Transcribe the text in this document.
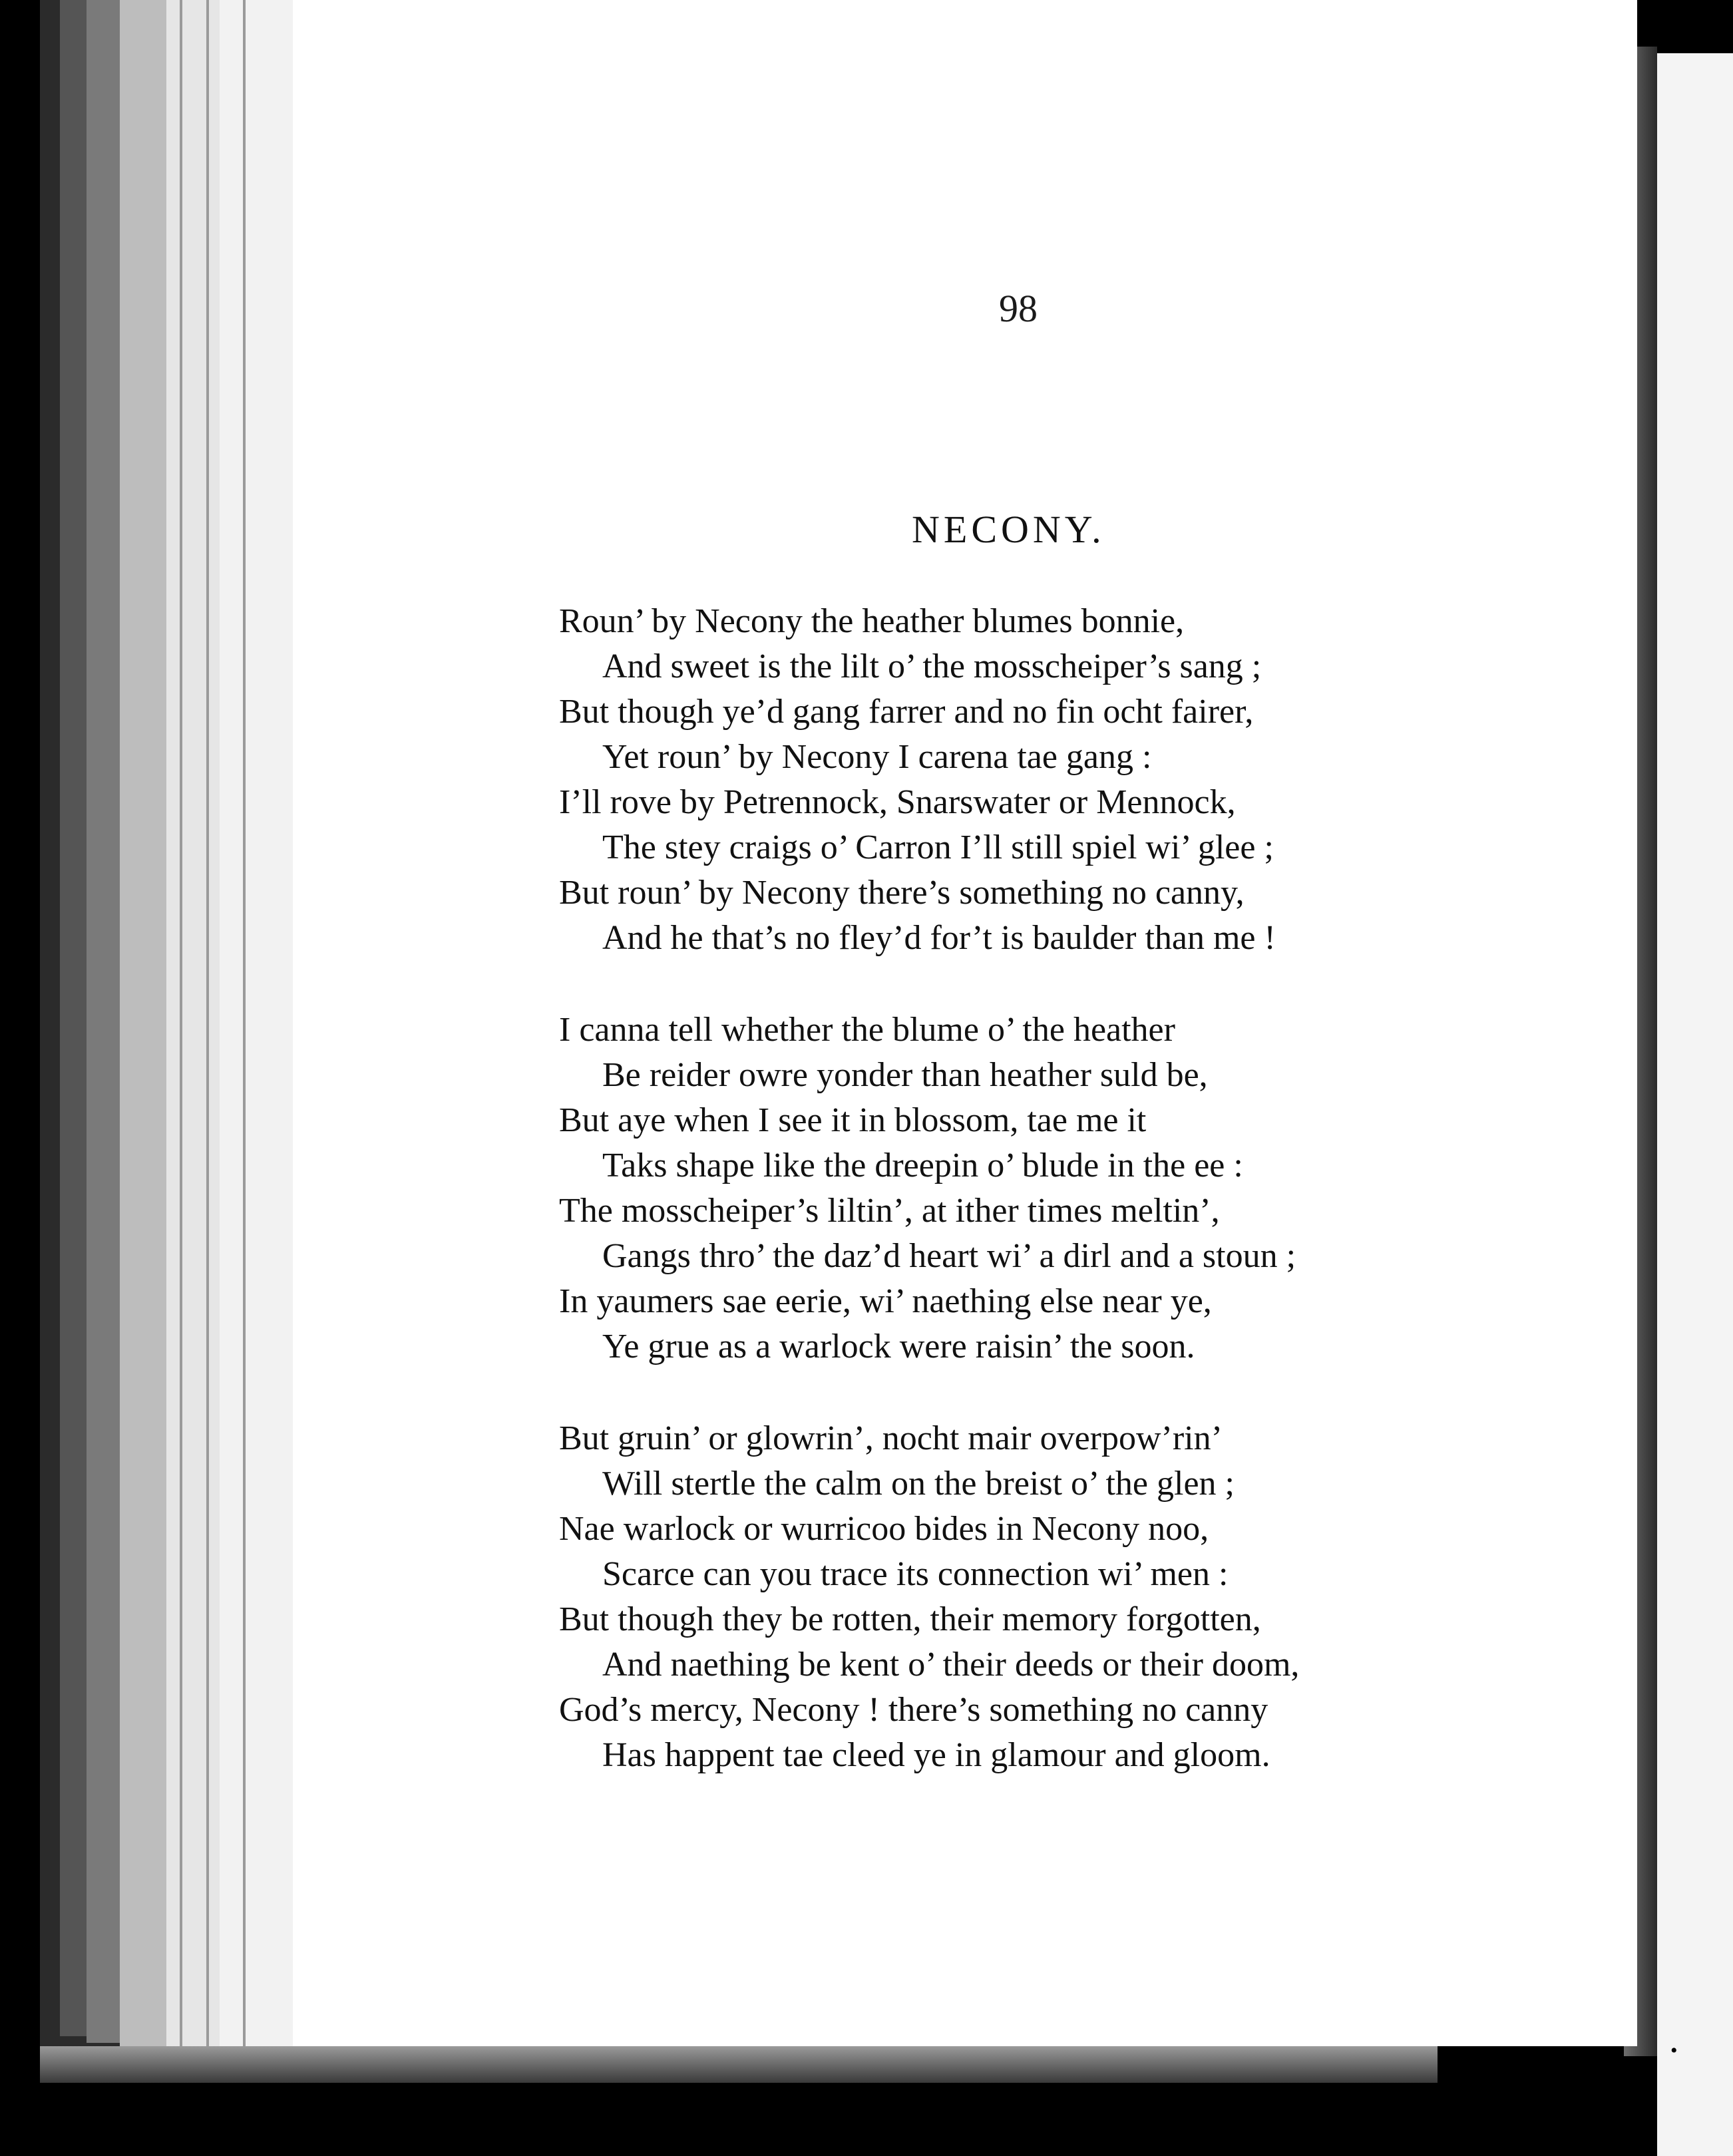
98
NECONY.
Roun’ by Necony the heather blumes bonnie,
And sweet is the lilt o’ the mosscheiper’s sang ;
But though ye’d gang farrer and no fin ocht fairer,
Yet roun’ by Necony I carena tae gang :
I’ll rove by Petrennock, Snarswater or Mennock,
The stey craigs o’ Carron I’ll still spiel wi’ glee ;
But roun’ by Necony there’s something no canny,
And he that’s no fley’d for’t is baulder than me !
I canna tell whether the blume o’ the heather
Be reider owre yonder than heather suld be,
But aye when I see it in blossom, tae me it
Taks shape like the dreepin o’ blude in the ee :
The mosscheiper’s liltin’, at ither times meltin’,
Gangs thro’ the daz’d heart wi’ a dirl and a stoun ;
In yaumers sae eerie, wi’ naething else near ye,
Ye grue as a warlock were raisin’ the soon.
But gruin’ or glowrin’, nocht mair overpow’rin’
Will stertle the calm on the breist o’ the glen ;
Nae warlock or wurricoo bides in Necony noo,
Scarce can you trace its connection wi’ men :
But though they be rotten, their memory forgotten,
And naething be kent o’ their deeds or their doom,
God’s mercy, Necony ! there’s something no canny
Has happent tae cleed ye in glamour and gloom.
•
